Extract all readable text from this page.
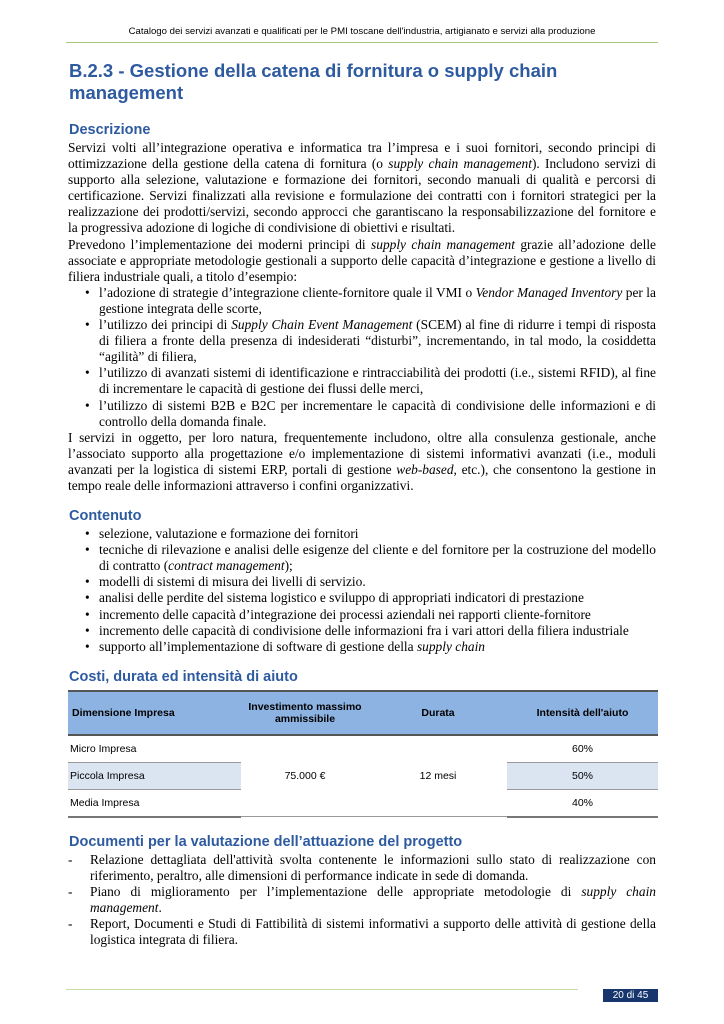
Catalogo dei servizi avanzati e qualificati per le PMI toscane dell'industria, artigianato e servizi alla produzione
B.2.3 - Gestione della catena di fornitura o supply chain management
Descrizione

Servizi volti all’integrazione operativa e informatica tra l’impresa e i suoi fornitori, secondo principi di ottimizzazione della gestione della catena di fornitura (o supply chain management). Includono servizi di supporto alla selezione, valutazione e formazione dei fornitori, secondo manuali di qualità e percorsi di certificazione. Servizi finalizzati alla revisione e formulazione dei contratti con i fornitori strategici per la realizzazione dei prodotti/servizi, secondo approcci che garantiscano la responsabilizzazione del fornitore e la progressiva adozione di logiche di condivisione di obiettivi e risultati.

Prevedono l’implementazione dei moderni principi di supply chain management grazie all’adozione delle associate e appropriate metodologie gestionali a supporto delle capacità d’integrazione e gestione a livello di filiera industriale quali, a titolo d’esempio:

• l’adozione di strategie d’integrazione cliente-fornitore quale il VMI o Vendor Managed Inventory per la gestione integrata delle scorte,
• l’utilizzo dei principi di Supply Chain Event Management (SCEM) al fine di ridurre i tempi di risposta di filiera a fronte della presenza di indesiderati “disturbi”, incrementando, in tal modo, la cosiddetta “agilità” di filiera,
• l’utilizzo di avanzati sistemi di identificazione e rintracciabilità dei prodotti (i.e., sistemi RFID), al fine di incrementare le capacità di gestione dei flussi delle merci,
• l’utilizzo di sistemi B2B e B2C per incrementare le capacità di condivisione delle informazioni e di controllo della domanda finale.

I servizi in oggetto, per loro natura, frequentemente includono, oltre alla consulenza gestionale, anche l’associato supporto alla progettazione e/o implementazione di sistemi informativi avanzati (i.e., moduli avanzati per la logistica di sistemi ERP, portali di gestione web-based, etc.), che consentono la gestione in tempo reale delle informazioni attraverso i confini organizzativi.

Contenuto
• selezione, valutazione e formazione dei fornitori
• tecniche di rilevazione e analisi delle esigenze del cliente e del fornitore per la costruzione del modello di contratto (contract management);
• modelli di sistemi di misura dei livelli di servizio.
• analisi delle perdite del sistema logistico e sviluppo di appropriati indicatori di prestazione
• incremento delle capacità d’integrazione dei processi aziendali nei rapporti cliente-fornitore
• incremento delle capacità di condivisione delle informazioni fra i vari attori della filiera industriale
• supporto all’implementazione di software di gestione della supply chain
Costi, durata ed intensità di aiuto
Dimensione Impresa	Investimento massimo ammissibile	Durata	Intensità dell'aiuto
Micro Impresa	75.000 €	12 mesi	60%
Piccola Impresa			50%
Media Impresa			40%
Documenti per la valutazione dell’attuazione del progetto
- Relazione dettagliata dell'attività svolta contenente le informazioni sullo stato di realizzazione con riferimento, peraltro, alle dimensioni di performance indicate in sede di domanda.
- Piano di miglioramento per l’implementazione delle appropriate metodologie di supply chain management.
- Report, Documenti e Studi di Fattibilità di sistemi informativi a supporto delle attività di gestione della logistica integrata di filiera.
20 di 45
